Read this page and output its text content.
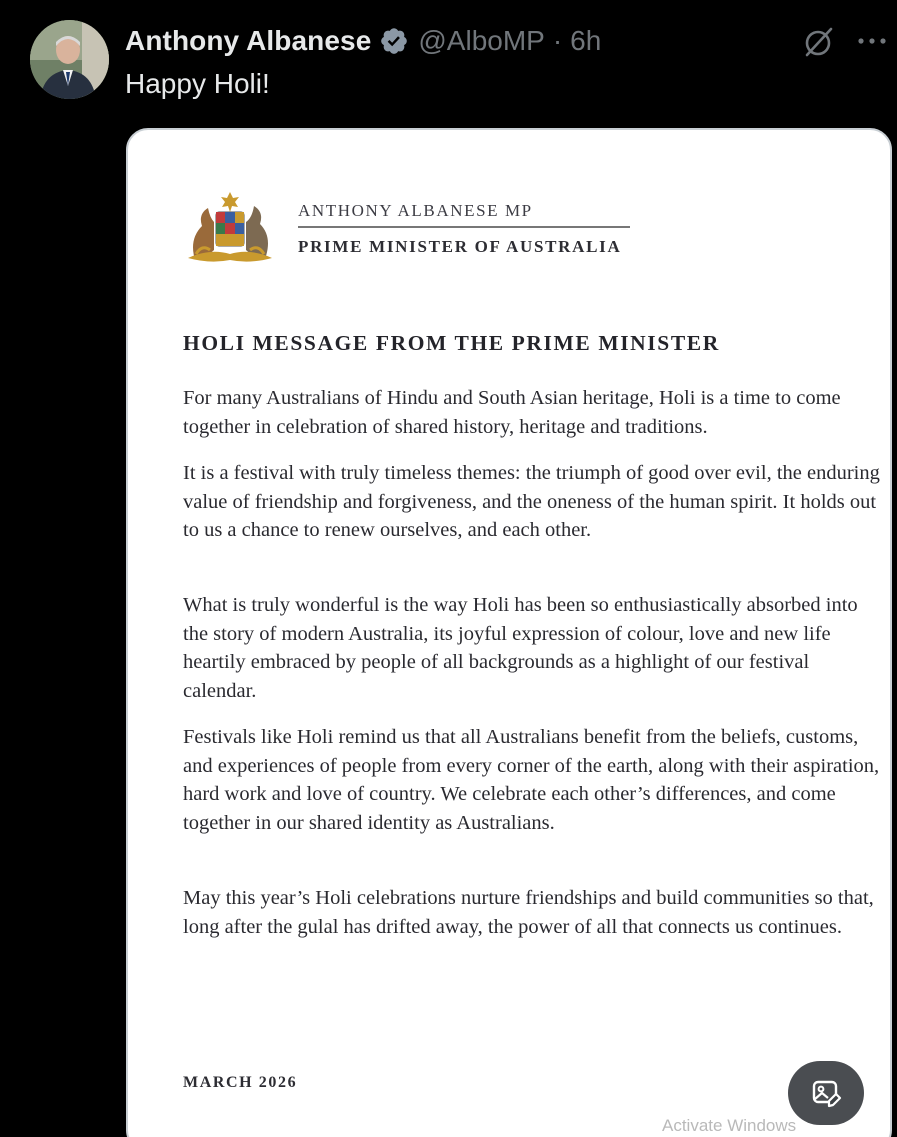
Anthony Albanese @AlboMP · 6h
Happy Holi!
ANTHONY ALBANESE MP
PRIME MINISTER OF AUSTRALIA
HOLI MESSAGE FROM THE PRIME MINISTER

For many Australians of Hindu and South Asian heritage, Holi is a time to come together in celebration of shared history, heritage and traditions.

It is a festival with truly timeless themes: the triumph of good over evil, the enduring value of friendship and forgiveness, and the oneness of the human spirit. It holds out to us a chance to renew ourselves, and each other.

What is truly wonderful is the way Holi has been so enthusiastically absorbed into the story of modern Australia, its joyful expression of colour, love and new life heartily embraced by people of all backgrounds as a highlight of our festival calendar.

Festivals like Holi remind us that all Australians benefit from the beliefs, customs, and experiences of people from every corner of the earth, along with their aspiration, hard work and love of country. We celebrate each other’s differences, and come together in our shared identity as Australians.

May this year’s Holi celebrations nurture friendships and build communities so that, long after the gulal has drifted away, the power of all that connects us continues.

MARCH 2026
Activate Windows
